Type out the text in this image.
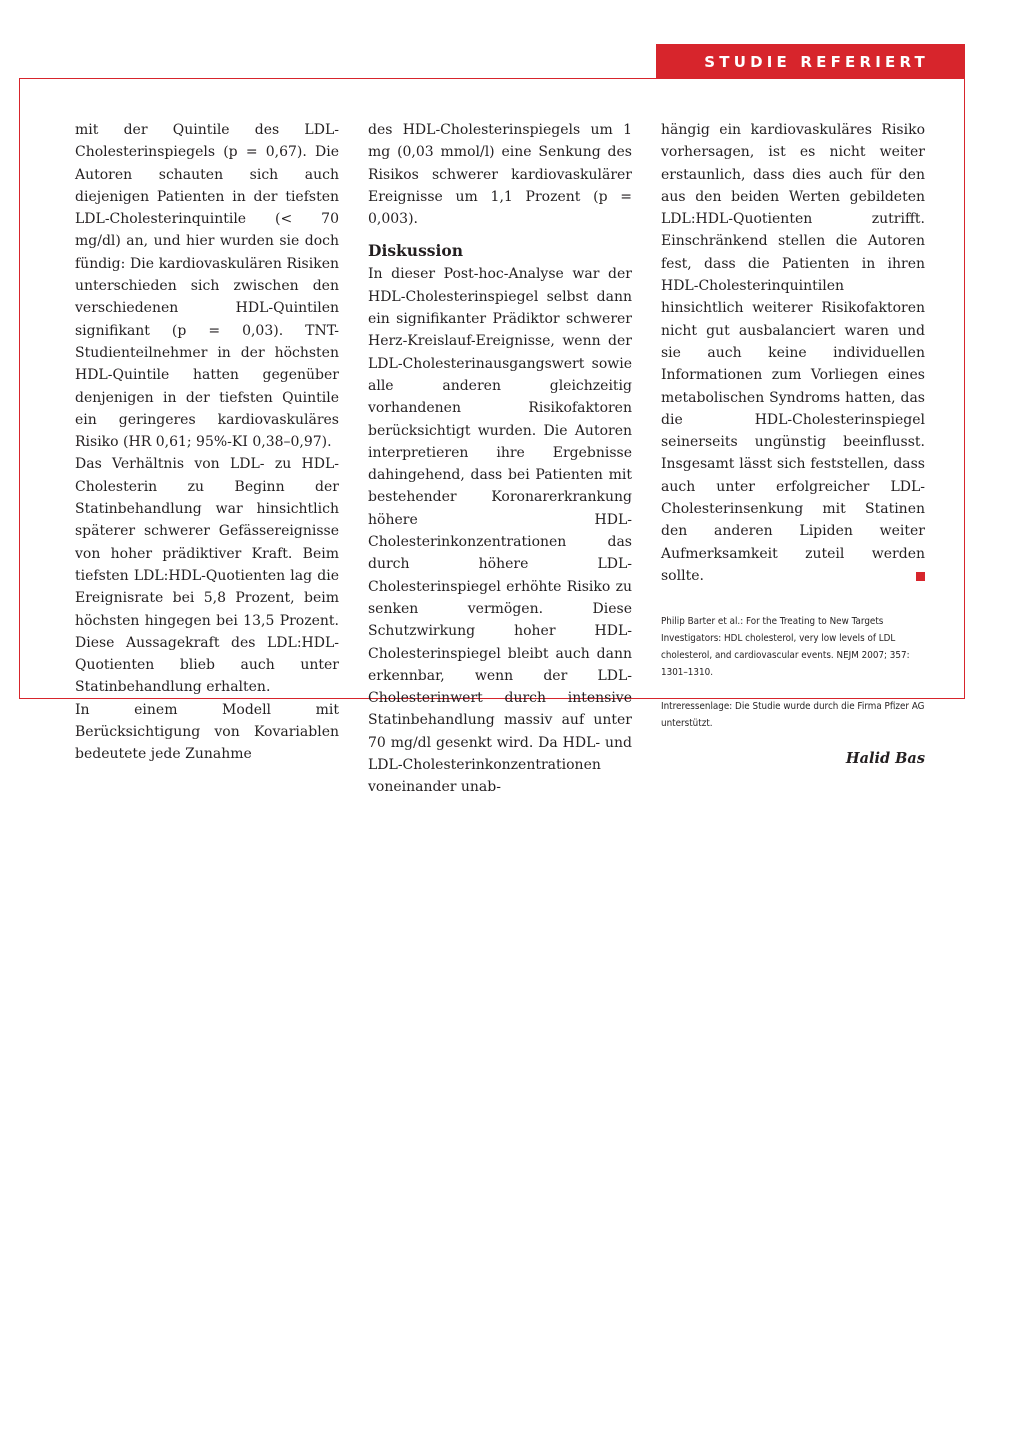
STUDIE REFERIERT

mit der Quintile des LDL-Cholesterinspiegels (p = 0,67). Die Autoren schauten sich auch diejenigen Patienten in der tiefsten LDL-Cholesterinquintile (< 70 mg/dl) an, und hier wurden sie doch fündig: Die kardiovaskulären Risiken unterschieden sich zwischen den verschiedenen HDL-Quintilen signifikant (p = 0,03). TNT-Studienteilnehmer in der höchsten HDL-Quintile hatten gegenüber denjenigen in der tiefsten Quintile ein geringeres kardiovaskuläres Risiko (HR 0,61; 95%-KI 0,38–0,97).

Das Verhältnis von LDL- zu HDL-Cholesterin zu Beginn der Statinbehandlung war hinsichtlich späterer schwerer Gefässereignisse von hoher prädiktiver Kraft. Beim tiefsten LDL:HDL-Quotienten lag die Ereignisrate bei 5,8 Prozent, beim höchsten hingegen bei 13,5 Prozent. Diese Aussagekraft des LDL:HDL-Quotienten blieb auch unter Statinbehandlung erhalten.

In einem Modell mit Berücksichtigung von Kovariablen bedeutete jede Zunahme

des HDL-Cholesterinspiegels um 1 mg (0,03 mmol/l) eine Senkung des Risikos schwerer kardiovaskulärer Ereignisse um 1,1 Prozent (p = 0,003).

Diskussion

In dieser Post-hoc-Analyse war der HDL-Cholesterinspiegel selbst dann ein signifikanter Prädiktor schwerer Herz-Kreislauf-Ereignisse, wenn der LDL-Cholesterinausgangswert sowie alle anderen gleichzeitig vorhandenen Risikofaktoren berücksichtigt wurden. Die Autoren interpretieren ihre Ergebnisse dahingehend, dass bei Patienten mit bestehender Koronarerkrankung höhere HDL-Cholesterinkonzentrationen das durch höhere LDL-Cholesterinspiegel erhöhte Risiko zu senken vermögen. Diese Schutzwirkung hoher HDL-Cholesterinspiegel bleibt auch dann erkennbar, wenn der LDL-Cholesterinwert durch intensive Statinbehandlung massiv auf unter 70 mg/dl gesenkt wird. Da HDL- und LDL-Cholesterinkonzentrationen voneinander unab-

hängig ein kardiovaskuläres Risiko vorhersagen, ist es nicht weiter erstaunlich, dass dies auch für den aus den beiden Werten gebildeten LDL:HDL-Quotienten zutrifft. Einschränkend stellen die Autoren fest, dass die Patienten in ihren HDL-Cholesterinquintilen hinsichtlich weiterer Risikofaktoren nicht gut ausbalanciert waren und sie auch keine individuellen Informationen zum Vorliegen eines metabolischen Syndroms hatten, das die HDL-Cholesterinspiegel seinerseits ungünstig beeinflusst. Insgesamt lässt sich feststellen, dass auch unter erfolgreicher LDL-Cholesterinsenkung mit Statinen den anderen Lipiden weiter Aufmerksamkeit zuteil werden sollte.

Philip Barter et al.: For the Treating to New Targets Investigators: HDL cholesterol, very low levels of LDL cholesterol, and cardiovascular events. NEJM 2007; 357: 1301–1310.

Intreressenlage: Die Studie wurde durch die Firma Pfizer AG unterstützt.

Halid Bas
